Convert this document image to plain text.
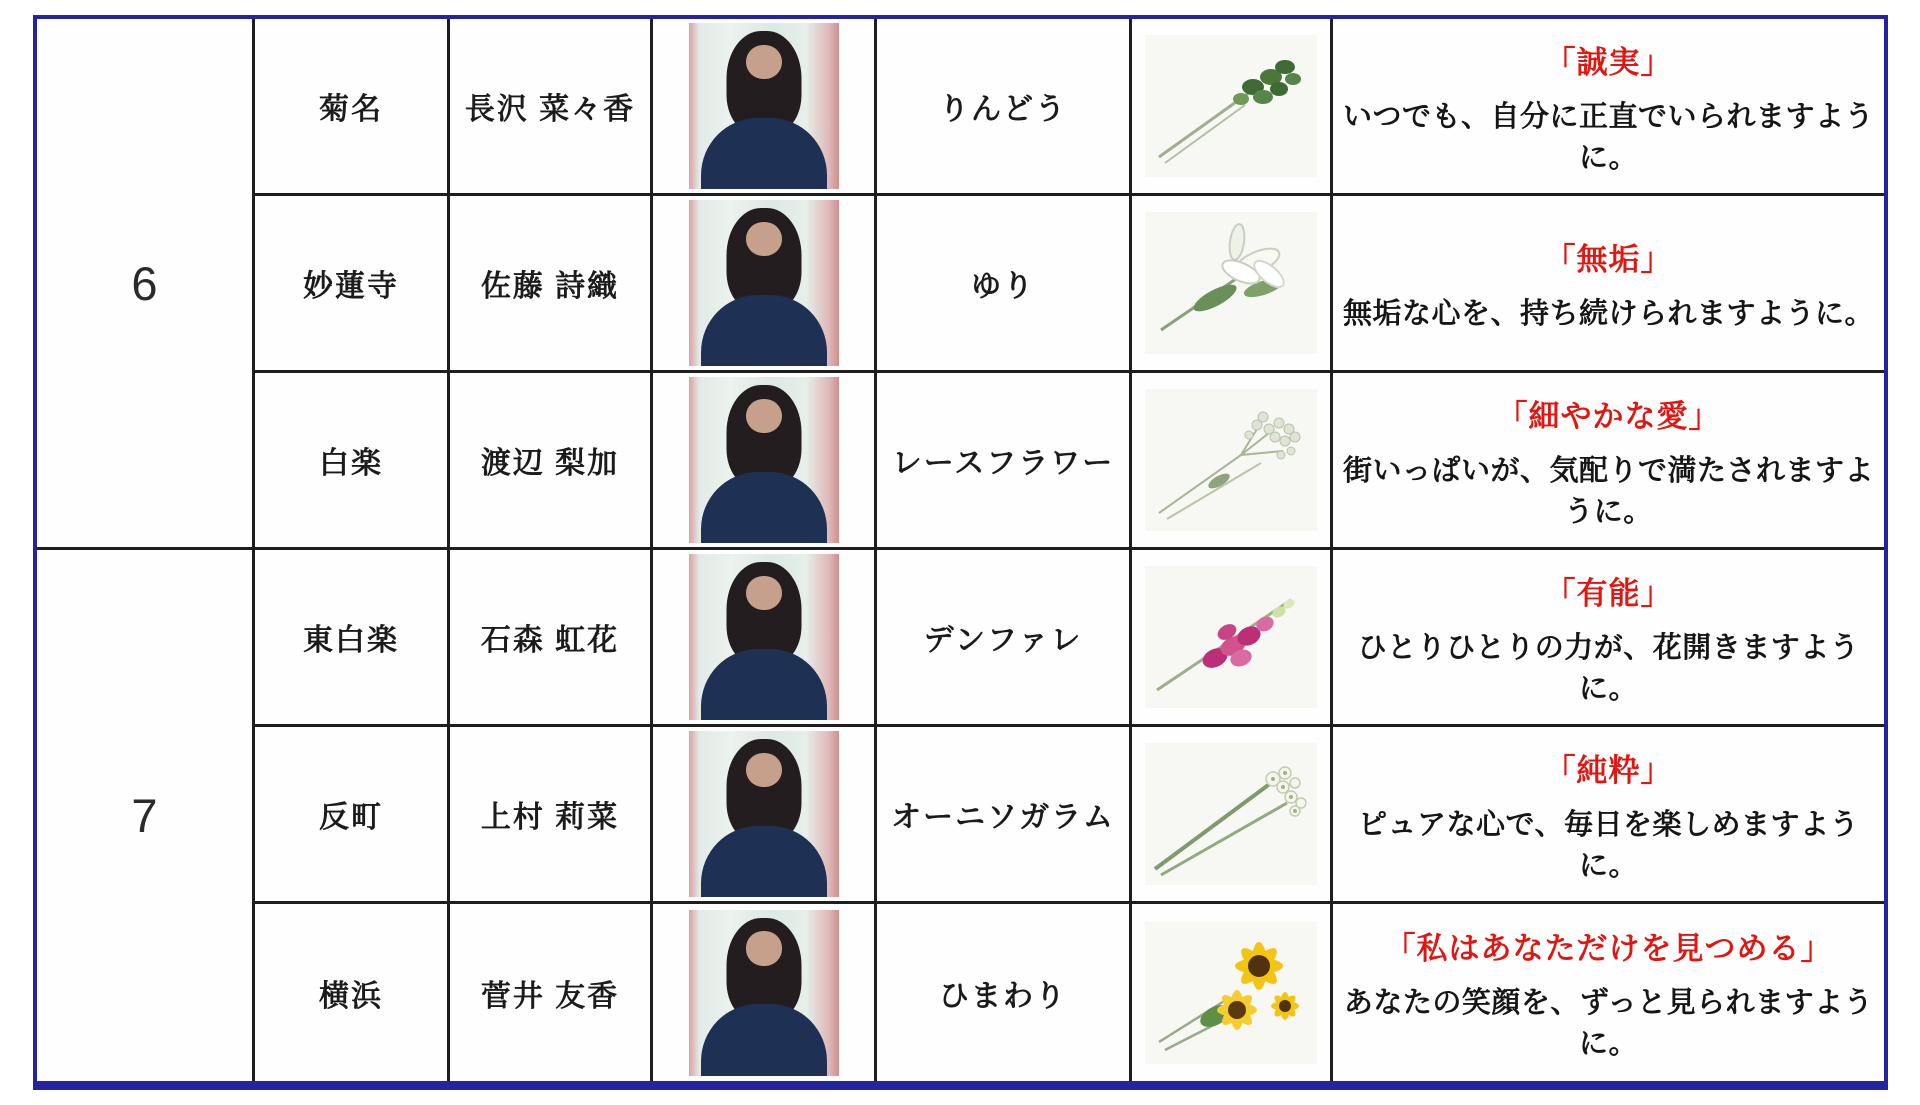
6
菊名	長沢 菜々香	りんどう
「誠実」
いつでも、自分に正直でいられますように。
妙蓮寺	佐藤 詩織	ゆり
「無垢」
無垢な心を、持ち続けられますように。
白楽	渡辺 梨加	レースフラワー
「細やかな愛」
街いっぱいが、気配りで満たされますように。
7
東白楽	石森 虹花	デンファレ
「有能」
ひとりひとりの力が、花開きますように。
反町	上村 莉菜	オーニソガラム
「純粋」
ピュアな心で、毎日を楽しめますように。
横浜	菅井 友香	ひまわり
「私はあなただけを見つめる」
あなたの笑顔を、ずっと見られますように。
